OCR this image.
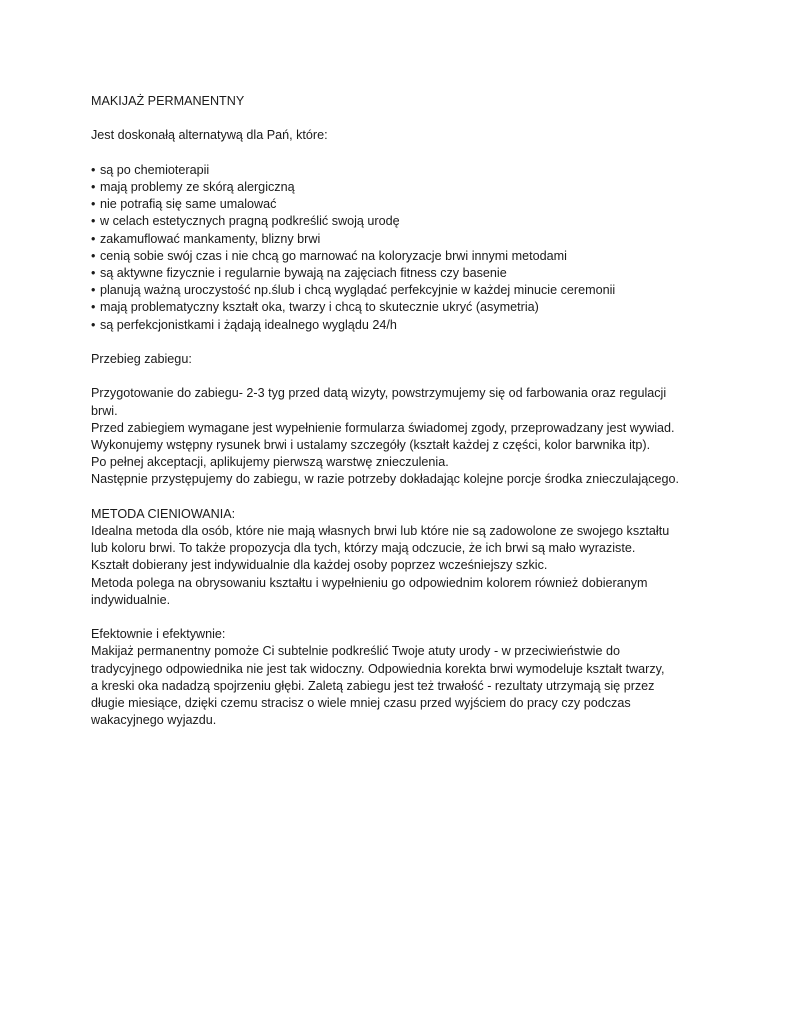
MAKIJAŻ PERMANENTNY
Jest doskonałą alternatywą dla Pań, które:
• są po chemioterapii
• mają problemy ze skórą alergiczną
• nie potrafią się same umalować
• w celach estetycznych pragną podkreślić swoją urodę
• zakamuflować mankamenty, blizny brwi
• cenią sobie swój czas i nie chcą go marnować na koloryzacje brwi innymi metodami
• są aktywne fizycznie i regularnie bywają na zajęciach fitness czy basenie
• planują ważną uroczystość np.ślub i chcą wyglądać perfekcyjnie w każdej minucie ceremonii
• mają problematyczny kształt oka, twarzy i chcą to skutecznie ukryć (asymetria)
• są perfekcjonistkami i żądają idealnego wyglądu 24/h
Przebieg zabiegu:
Przygotowanie do zabiegu- 2-3 tyg przed datą wizyty, powstrzymujemy się od farbowania oraz regulacji
brwi.
Przed zabiegiem wymagane jest wypełnienie formularza świadomej zgody, przeprowadzany jest wywiad.
Wykonujemy wstępny rysunek brwi i ustalamy szczegóły (kształt każdej z części, kolor barwnika itp).
Po pełnej akceptacji, aplikujemy pierwszą warstwę znieczulenia.
Następnie przystępujemy do zabiegu, w razie potrzeby dokładając kolejne porcje środka znieczulającego.
METODA CIENIOWANIA:
Idealna metoda dla osób, które nie mają własnych brwi lub które nie są zadowolone ze swojego kształtu
lub koloru brwi. To także propozycja dla tych, którzy mają odczucie, że ich brwi są mało wyraziste.
Kształt dobierany jest indywidualnie dla każdej osoby poprzez wcześniejszy szkic.
Metoda polega na obrysowaniu kształtu i wypełnieniu go odpowiednim kolorem również dobieranym
indywidualnie.
Efektownie i efektywnie:
Makijaż permanentny pomoże Ci subtelnie podkreślić Twoje atuty urody - w przeciwieństwie do
tradycyjnego odpowiednika nie jest tak widoczny. Odpowiednia korekta brwi wymodeluje kształt twarzy,
a kreski oka nadadzą spojrzeniu głębi. Zaletą zabiegu jest też trwałość - rezultaty utrzymają się przez
długie miesiące, dzięki czemu stracisz o wiele mniej czasu przed wyjściem do pracy czy podczas
wakacyjnego wyjazdu.
